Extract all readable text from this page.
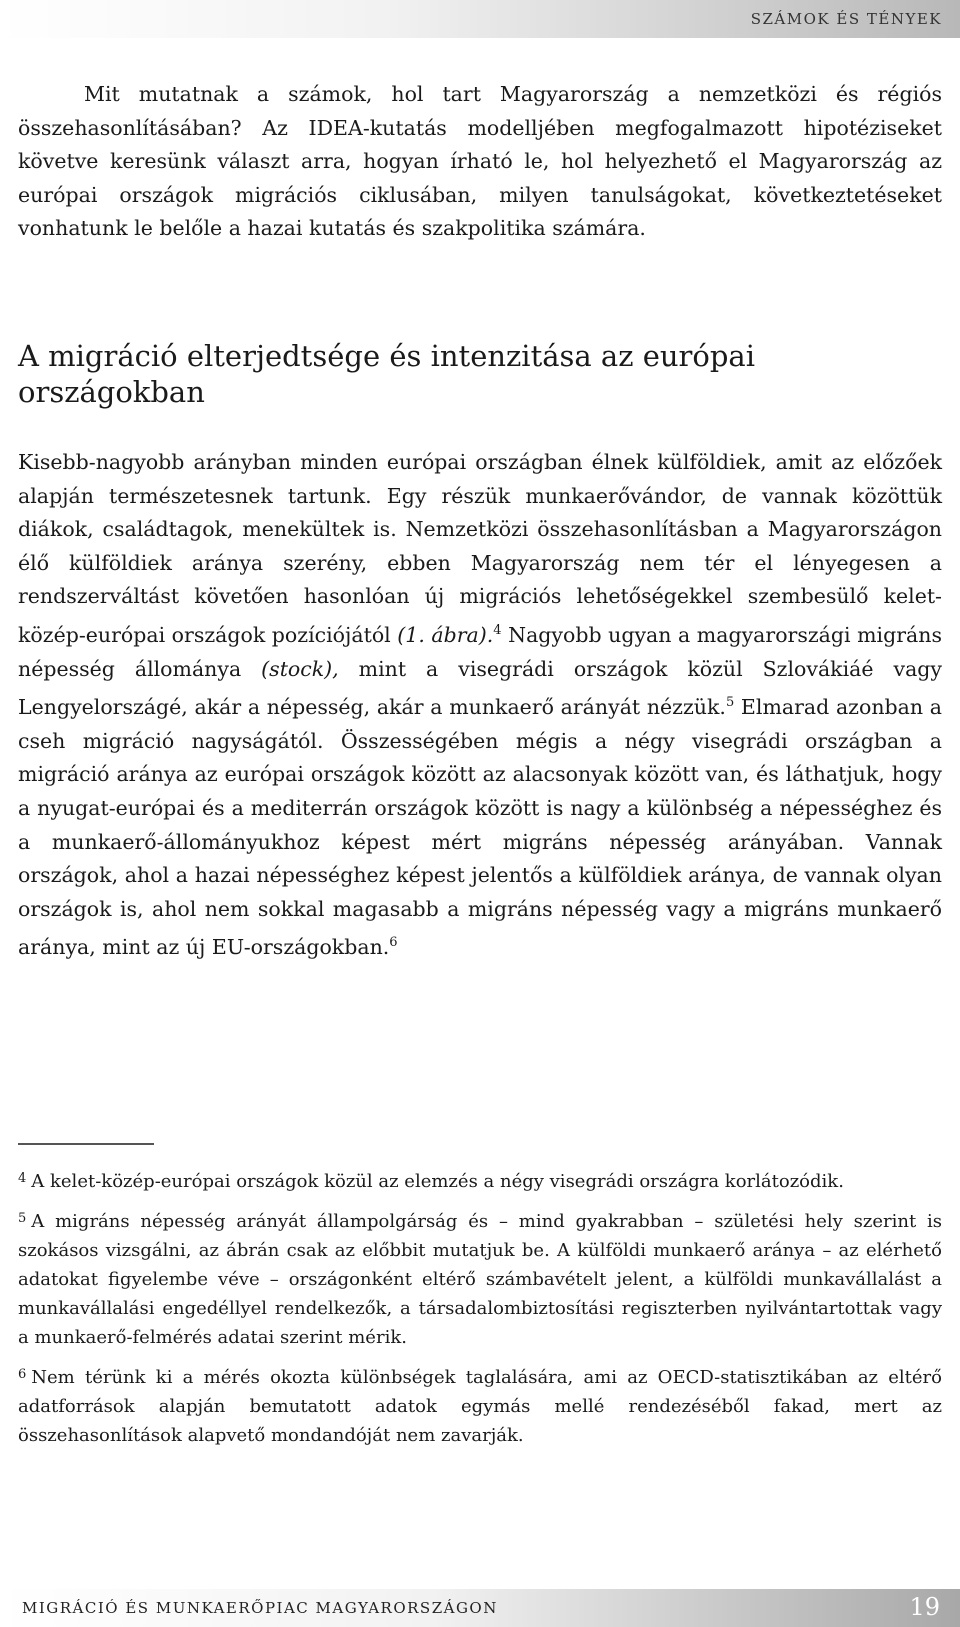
SZÁMOK ÉS TÉNYEK

Mit mutatnak a számok, hol tart Magyarország a nemzetközi és régiós összehasonlításában? Az IDEA-kutatás modelljében megfogalmazott hipotéziseket követve keresünk választ arra, hogyan írható le, hol helyezhető el Magyarország az európai országok migrációs ciklusában, milyen tanulságokat, következtetéseket vonhatunk le belőle a hazai kutatás és szakpolitika számára.

A migráció elterjedtsége és intenzitása az európai országokban

Kisebb-nagyobb arányban minden európai országban élnek külföldiek, amit az előzőek alapján természetesnek tartunk. Egy részük munkaerővándor, de vannak közöttük diákok, családtagok, menekültek is. Nemzetközi összehasonlításban a Magyarországon élő külföldiek aránya szerény, ebben Magyarország nem tér el lényegesen a rendszerváltást követően hasonlóan új migrációs lehetőségekkel szembesülő kelet-közép-európai országok pozíciójától (1. ábra).$^4$ Nagyobb ugyan a magyarországi migráns népesség állománya (stock), mint a visegrádi országok közül Szlovákiáé vagy Lengyelországé, akár a népesség, akár a munkaerő arányát nézzük.$^5$ Elmarad azonban a cseh migráció nagyságától. Összességében mégis a négy visegrádi országban a migráció aránya az európai országok között az alacsonyak között van, és láthatjuk, hogy a nyugat-európai és a mediterrán országok között is nagy a különbség a népességhez és a munkaerő-állományukhoz képest mért migráns népesség arányában. Vannak országok, ahol a hazai népességhez képest jelentős a külföldiek aránya, de vannak olyan országok is, ahol nem sokkal magasabb a migráns népesség vagy a migráns munkaerő aránya, mint az új EU-országokban.$^6$

$^4$ A kelet-közép-európai országok közül az elemzés a négy visegrádi országra korlátozódik.

$^5$ A migráns népesség arányát állampolgárság és – mind gyakrabban – születési hely szerint is szokásos vizsgálni, az ábrán csak az előbbit mutatjuk be. A külföldi munkaerő aránya – az elérhető adatokat figyelembe véve – országonként eltérő számbavételt jelent, a külföldi munkavállalást a munkavállalási engedéllyel rendelkezők, a társadalombiztosítási regiszterben nyilvántartottak vagy a munkaerő-felmérés adatai szerint mérik.

$^6$ Nem térünk ki a mérés okozta különbségek taglalására, ami az OECD-statisztikában az eltérő adatforrások alapján bemutatott adatok egymás mellé rendezéséből fakad, mert az összehasonlítások alapvető mondandóját nem zavarják.

MIGRÁCIÓ ÉS MUNKAERŐPIAC MAGYARORSZÁGON	19
